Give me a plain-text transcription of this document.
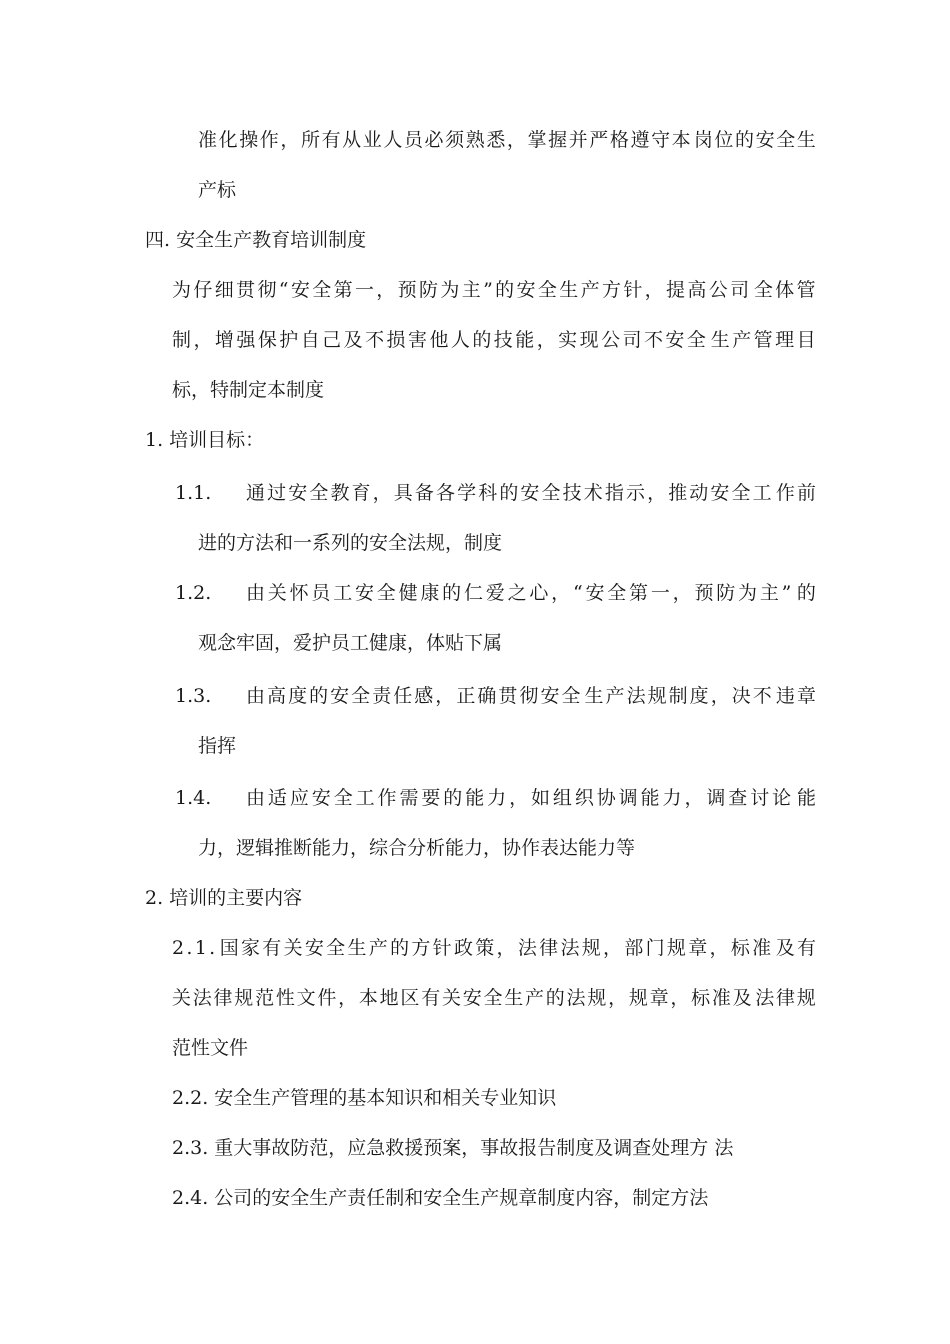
准 化 操 作 ， 所 有 从 业 人 员 必 须 熟 悉 ， 掌 握 并 严 格 遵 守 本 岗 位 的 安 全 生
产标
四. 安全生产教育培训制度
为 仔 细 贯 彻 “ 安 全 第 一 ， 预 防 为 主 ” 的 安 全 生 产 方 针 ， 提 高 公 司 全 体 管
制 ， 增 强 保 护 自 己 及 不 损 害 他 人 的 技 能 ， 实 现 公 司 不 安 全 生 产 管 理 目
标，特制定本制度
1. 培训目标：
1.1. 通 过 安 全 教 育 ， 具 备 各 学 科 的 安 全 技 术 指 示 ， 推 动 安 全 工 作 前
进的方法和一系列的安全法规，制度
1.2. 由 关 怀 员 工 安 全 健 康 的 仁 爱 之 心 ， “ 安 全 第 一 ， 预 防 为 主 ” 的
观念牢固，爱护员工健康，体贴下属
1.3. 由 高 度 的 安 全 责 任 感 ， 正 确 贯 彻 安 全 生 产 法 规 制 度 ， 决 不 违 章
指挥
1.4. 由 适 应 安 全 工 作 需 要 的 能 力 ， 如 组 织 协 调 能 力 ， 调 查 讨 论 能
力，逻辑推断能力，综合分析能力，协作表达能力等
2. 培训的主要内容
2 . 1 . 国 家 有 关 安 全 生 产 的 方 针 政 策 ， 法 律 法 规 ， 部 门 规 章 ， 标 准 及 有
关 法 律 规 范 性 文 件 ， 本 地 区 有 关 安 全 生 产 的 法 规 ， 规 章 ， 标 准 及 法 律 规
范性文件
2.2. 安全生产管理的基本知识和相关专业知识
2.3. 重大事故防范，应急救援预案，事故报告制度及调查处理方 法
2.4. 公司的安全生产责任制和安全生产规章制度内容，制定方法
